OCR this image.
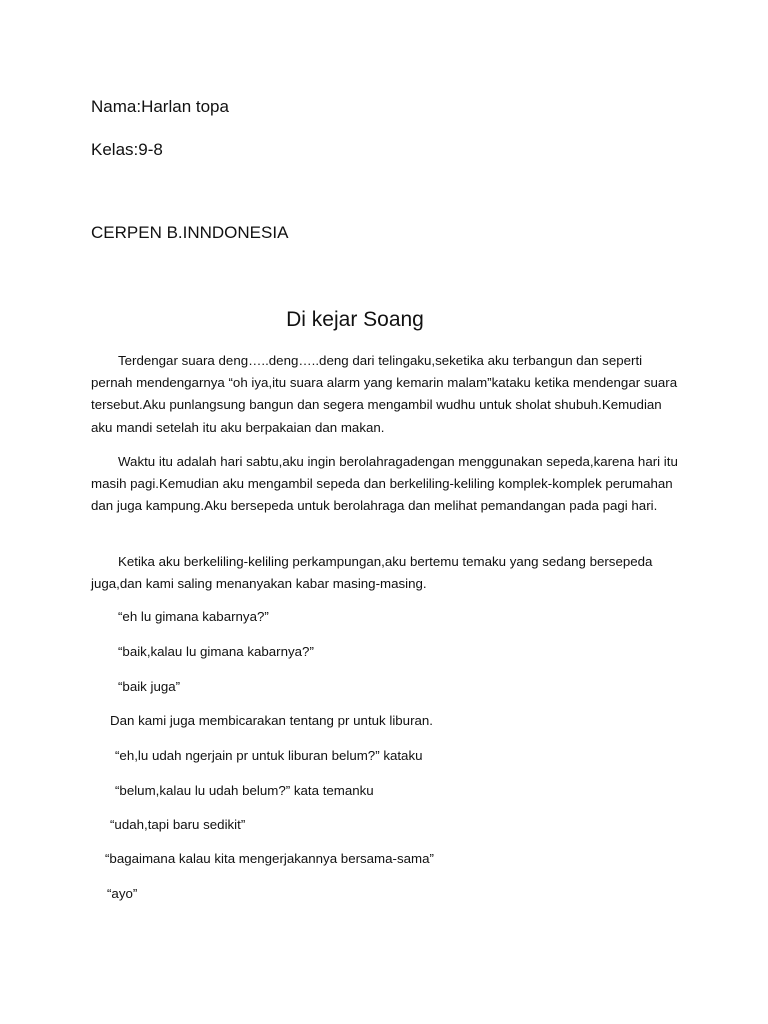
Nama:Harlan topa
Kelas:9-8
CERPEN B.INNDONESIA
Di kejar Soang

Terdengar suara deng…..deng…..deng dari telingaku,seketika aku terbangun dan seperti pernah mendengarnya “oh iya,itu suara alarm yang kemarin malam”kataku ketika mendengar suara tersebut.Aku punlangsung bangun dan segera mengambil wudhu untuk sholat shubuh.Kemudian aku mandi setelah itu aku berpakaian dan makan.

Waktu itu adalah hari sabtu,aku ingin berolahragadengan menggunakan sepeda,karena hari itu masih pagi.Kemudian aku mengambil sepeda dan berkeliling-keliling komplek-komplek perumahan dan juga kampung.Aku bersepeda untuk berolahraga dan melihat pemandangan pada pagi hari.

Ketika aku berkeliling-keliling perkampungan,aku bertemu temaku yang sedang bersepeda juga,dan kami saling menanyakan kabar masing-masing.

“eh lu gimana kabarnya?”
“baik,kalau lu gimana kabarnya?”
“baik juga”
Dan kami juga membicarakan tentang pr untuk liburan.
“eh,lu udah ngerjain pr untuk liburan belum?” kataku
“belum,kalau lu udah belum?” kata temanku
“udah,tapi baru sedikit”
“bagaimana kalau kita mengerjakannya bersama-sama”
“ayo”
